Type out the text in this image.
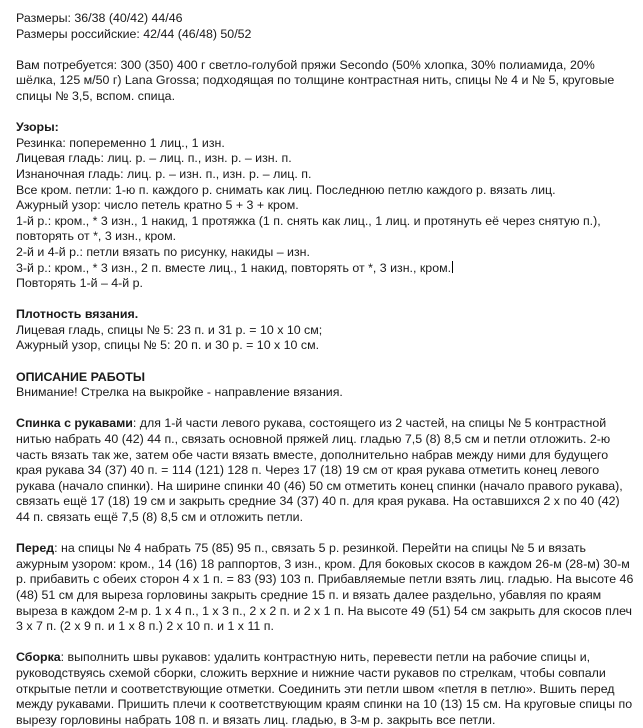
Размеры: 36/38 (40/42) 44/46
Размеры российские: 42/44 (46/48) 50/52
Вам потребуется: 300 (350) 400 г светло-голубой пряжи Secondo (50% хлопка, 30% полиамида, 20% шёлка, 125 м/50 г) Lana Grossa; подходящая по толщине контрастная нить, спицы № 4 и № 5, круговые спицы № 3,5, вспом. спица.
Узоры:
Резинка: попеременно 1 лиц., 1 изн.
Лицевая гладь: лиц. р. – лиц. п., изн. р. – изн. п.
Изнаночная гладь: лиц. р. – изн. п., изн. р. – лиц. п.
Все кром. петли: 1-ю п. каждого р. снимать как лиц. Последнюю петлю каждого р. вязать лиц.
Ажурный узор: число петель кратно 5 + 3 + кром.
1-й р.: кром., * 3 изн., 1 накид, 1 протяжка (1 п. снять как лиц., 1 лиц. и протянуть её через снятую п.), повторять от *, 3 изн., кром.
2-й и 4-й р.: петли вязать по рисунку, накиды – изн.
3-й р.: кром., * 3 изн., 2 п. вместе лиц., 1 накид, повторять от *, 3 изн., кром.
Повторять 1-й – 4-й р.
Плотность вязания.
Лицевая гладь, спицы № 5: 23 п. и 31 р. = 10 х 10 см;
Ажурный узор, спицы № 5: 20 п. и 30 р. = 10 х 10 см.
ОПИСАНИЕ РАБОТЫ
Внимание! Стрелка на выкройке - направление вязания.
Спинка с рукавами: для 1-й части левого рукава, состоящего из 2 частей, на спицы № 5 контрастной нитью набрать 40 (42) 44 п., связать основной пряжей лиц. гладью 7,5 (8) 8,5 см и петли отложить. 2-ю часть вязать так же, затем обе части вязать вместе, дополнительно набрав между ними для будущего края рукава 34 (37) 40 п. = 114 (121) 128 п. Через 17 (18) 19 см от края рукава отметить конец левого рукава (начало спинки). На ширине спинки 40 (46) 50 см отметить конец спинки (начало правого рукава), связать ещё 17 (18) 19 см и закрыть средние 34 (37) 40 п. для края рукава. На оставшихся 2 х по 40 (42) 44 п. связать ещё 7,5 (8) 8,5 см и отложить петли.
Перед: на спицы № 4 набрать 75 (85) 95 п., связать 5 р. резинкой. Перейти на спицы № 5 и вязать ажурным узором: кром., 14 (16) 18 раппортов, 3 изн., кром. Для боковых скосов в каждом 26-м (28-м) 30-м р. прибавить с обеих сторон 4 х 1 п. = 83 (93) 103 п. Прибавляемые петли взять лиц. гладью. На высоте 46 (48) 51 см для выреза горловины закрыть средние 15 п. и вязать далее раздельно, убавляя по краям выреза в каждом 2-м р. 1 х 4 п., 1 х 3 п., 2 х 2 п. и 2 х 1 п. На высоте 49 (51) 54 см закрыть для скосов плеч 3 х 7 п. (2 х 9 п. и 1 х 8 п.) 2 х 10 п. и 1 х 11 п.
Сборка: выполнить швы рукавов: удалить контрастную нить, перевести петли на рабочие спицы и, руководствуясь схемой сборки, сложить верхние и нижние части рукавов по стрелкам, чтобы совпали открытые петли и соответствующие отметки. Соединить эти петли швом «петля в петлю». Вшить перед между рукавами. Пришить плечи к соответствующим краям спинки на 10 (13) 15 см. На круговые спицы по вырезу горловины набрать 108 п. и вязать лиц. гладью, в 3-м р. закрыть все петли.
